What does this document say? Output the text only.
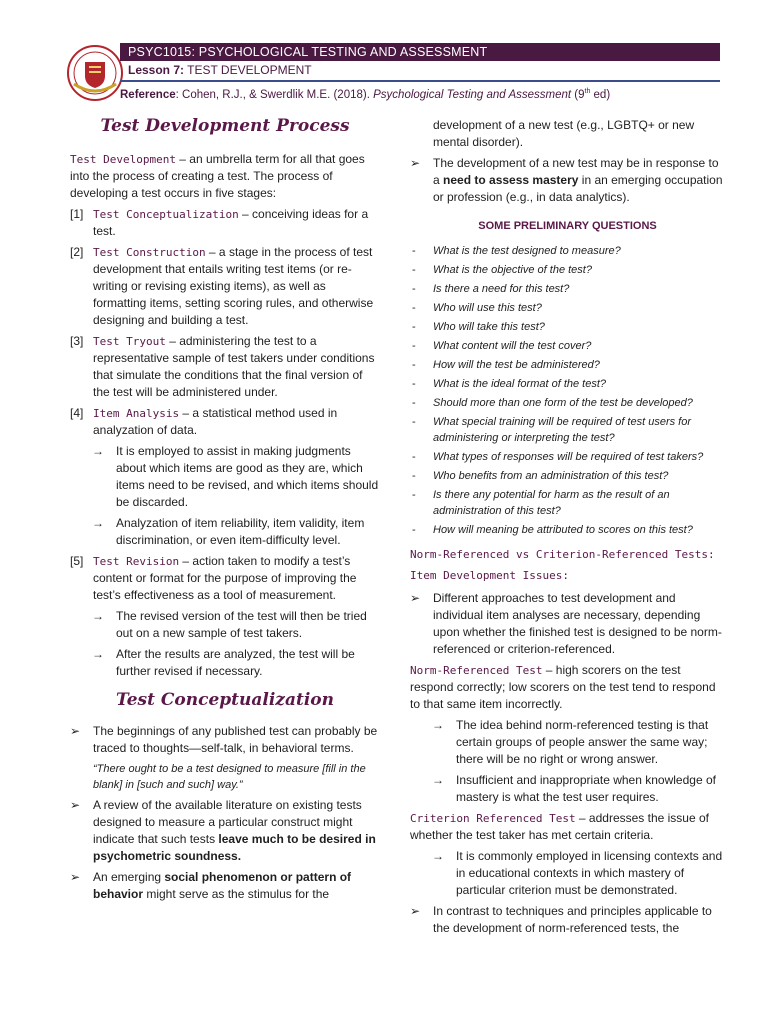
PSYC1015: PSYCHOLOGICAL TESTING AND ASSESSMENT
Lesson 7: TEST DEVELOPMENT
Reference: Cohen, R.J., & Swerdlik M.E. (2018). Psychological Testing and Assessment (9th ed)
Test Development Process

Test Development – an umbrella term for all that goes into the process of creating a test. The process of developing a test occurs in five stages:

[1] Test Conceptualization – conceiving ideas for a test.
[2] Test Construction – a stage in the process of test development that entails writing test items (or re-writing or revising existing items), as well as formatting items, setting scoring rules, and otherwise designing and building a test.
[3] Test Tryout – administering the test to a representative sample of test takers under conditions that simulate the conditions that the final version of the test will be administered under.
[4] Item Analysis – a statistical method used in analyzation of data.
→ It is employed to assist in making judgments about which items are good as they are, which items need to be revised, and which items should be discarded.
→ Analyzation of item reliability, item validity, item discrimination, or even item-difficulty level.
[5] Test Revision – action taken to modify a test’s content or format for the purpose of improving the test’s effectiveness as a tool of measurement.
→ The revised version of the test will then be tried out on a new sample of test takers.
→ After the results are analyzed, the test will be further revised if necessary.
Test Conceptualization
➢ The beginnings of any published test can probably be traced to thoughts—self-talk, in behavioral terms.
“There ought to be a test designed to measure [fill in the blank] in [such and such] way.”
➢ A review of the available literature on existing tests designed to measure a particular construct might indicate that such tests leave much to be desired in psychometric soundness.
➢ An emerging social phenomenon or pattern of behavior might serve as the stimulus for the

development of a new test (e.g., LGBTQ+ or new mental disorder).

➢ The development of a new test may be in response to a need to assess mastery in an emerging occupation or profession (e.g., in data analytics).
SOME PRELIMINARY QUESTIONS
- What is the test designed to measure?
- What is the objective of the test?
- Is there a need for this test?
- Who will use this test?
- Who will take this test?
- What content will the test cover?
- How will the test be administered?
- What is the ideal format of the test?
- Should more than one form of the test be developed?
- What special training will be required of test users for administering or interpreting the test?
- What types of responses will be required of test takers?
- Who benefits from an administration of this test?
- Is there any potential for harm as the result of an administration of this test?
- How will meaning be attributed to scores on this test?
Norm-Referenced vs Criterion-Referenced Tests: Item Development Issues:
➢ Different approaches to test development and individual item analyses are necessary, depending upon whether the finished test is designed to be norm-referenced or criterion-referenced.

Norm-Referenced Test – high scorers on the test respond correctly; low scorers on the test tend to respond to that same item incorrectly.

→ The idea behind norm-referenced testing is that certain groups of people answer the same way; there will be no right or wrong answer.
→ Insufficient and inappropriate when knowledge of mastery is what the test user requires.

Criterion Referenced Test – addresses the issue of whether the test taker has met certain criteria.

→ It is commonly employed in licensing contexts and in educational contexts in which mastery of particular criterion must be demonstrated.
➢ In contrast to techniques and principles applicable to the development of norm-referenced tests, the
